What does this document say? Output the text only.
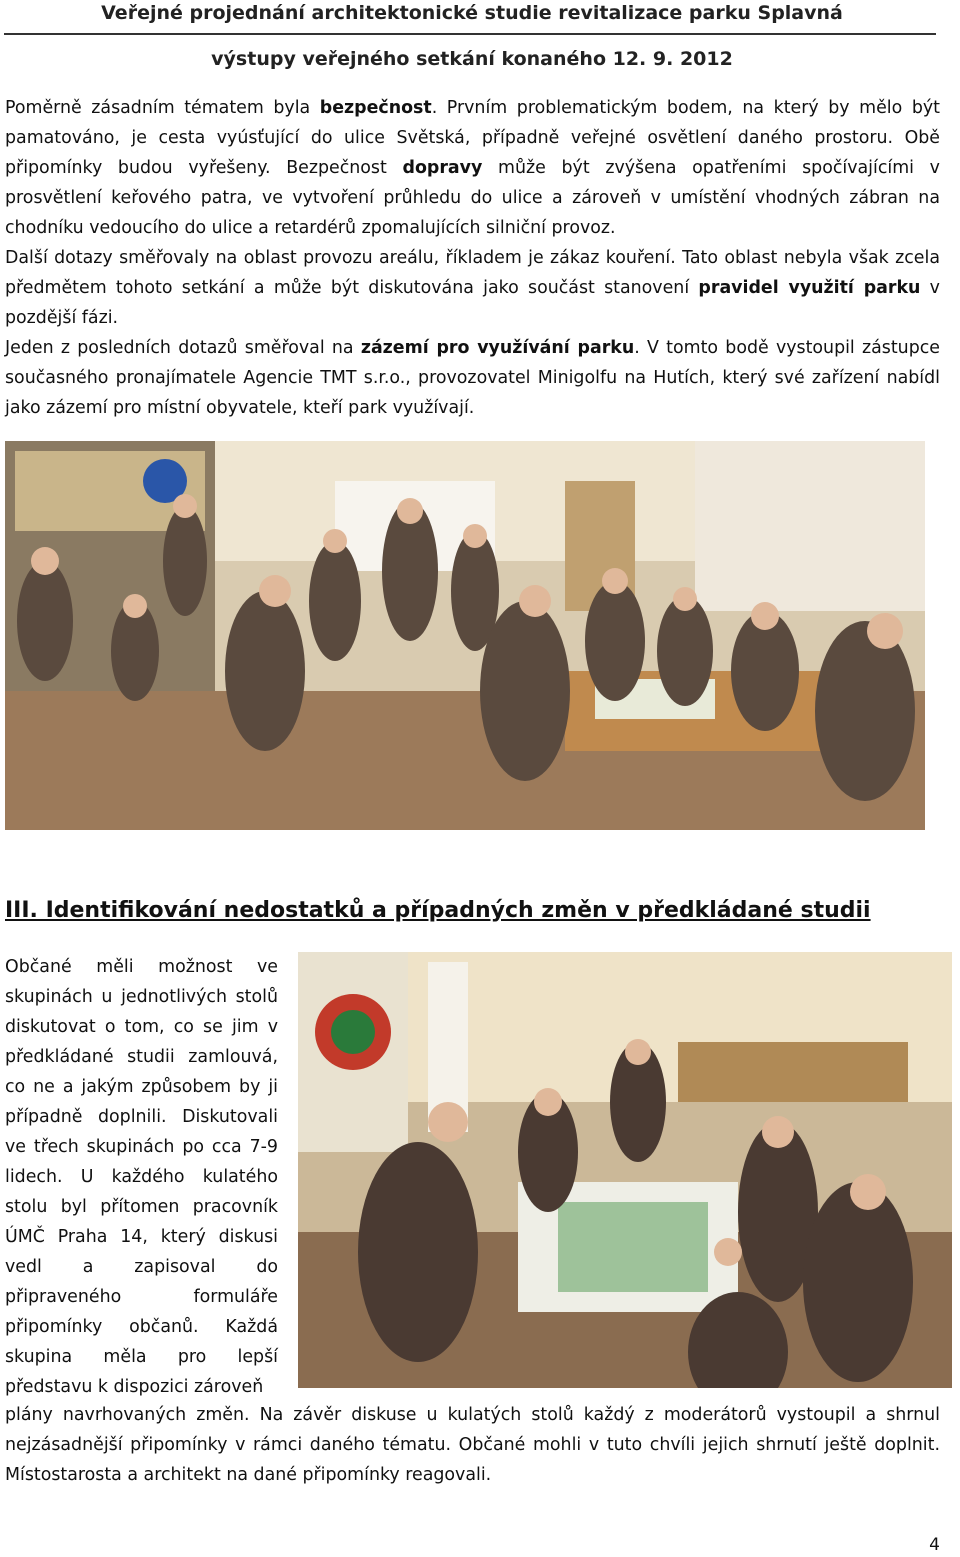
Veřejné projednání architektonické studie revitalizace parku Splavná
výstupy veřejného setkání konaného 12. 9. 2012

Poměrně zásadním tématem byla bezpečnost. Prvním problematickým bodem, na který by mělo být pamatováno, je cesta vyúsťující do ulice Světská, případně veřejné osvětlení daného prostoru. Obě připomínky budou vyřešeny. Bezpečnost dopravy může být zvýšena opatřeními spočívajícími v prosvětlení keřového patra, ve vytvoření průhledu do ulice a zároveň v umístění vhodných zábran na chodníku vedoucího do ulice a retardérů zpomalujících silniční provoz.

Další dotazy směřovaly na oblast provozu areálu, říkladem je zákaz kouření. Tato oblast nebyla však zcela předmětem tohoto setkání a může být diskutována jako součást stanovení pravidel využití parku v pozdější fázi.

Jeden z posledních dotazů směřoval na zázemí pro využívání parku. V tomto bodě vystoupil zástupce současného pronajímatele Agencie TMT s.r.o., provozovatel Minigolfu na Hutích, který své zařízení nabídl jako zázemí pro místní obyvatele, kteří park využívají.

III. Identifikování nedostatků a případných změn v předkládané studii

Občané měli možnost ve skupinách u jednotlivých stolů diskutovat o tom, co se jim v předkládané studii zamlouvá, co ne a jakým způsobem by ji případně doplnili. Diskutovali ve třech skupinách po cca 7-9 lidech. U každého kulatého stolu byl přítomen pracovník ÚMČ Praha 14, který diskusi vedl a zapisoval do připraveného formuláře připomínky občanů. Každá skupina měla pro lepší představu k dispozici zároveň

plány navrhovaných změn. Na závěr diskuse u kulatých stolů každý z moderátorů vystoupil a shrnul nejzásadnější připomínky v rámci daného tématu. Občané mohli v tuto chvíli jejich shrnutí ještě doplnit. Místostarosta a architekt na dané připomínky reagovali.

4
